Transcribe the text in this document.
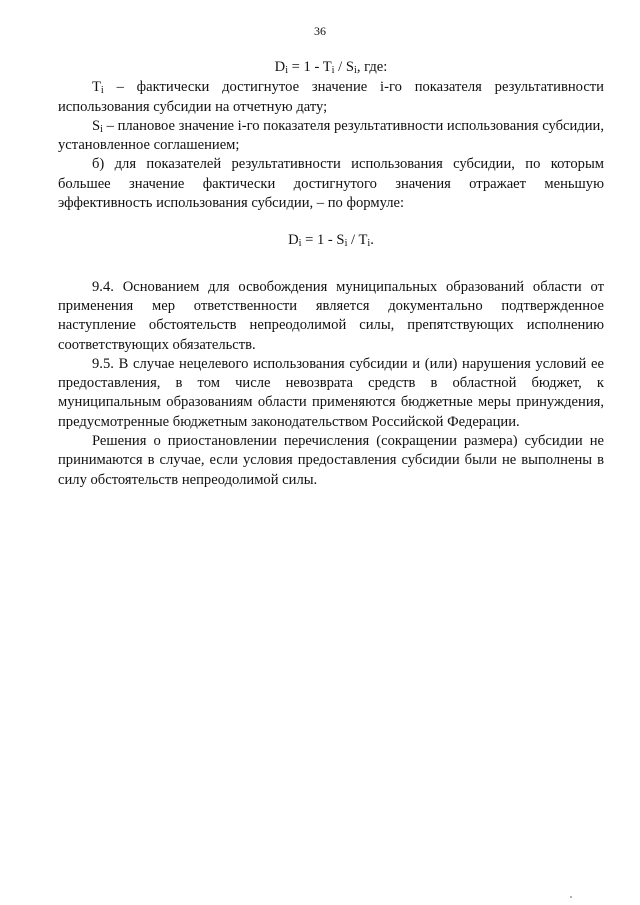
36

$D_i = 1 - T_i / S_i$, где:

$T_i$ – фактически достигнутое значение i-го показателя результативности использования субсидии на отчетную дату;

$S_i$ – плановое значение i-го показателя результативности использования субсидии, установленное соглашением;

б) для показателей результативности использования субсидии, по которым большее значение фактически достигнутого значения отражает меньшую эффективность использования субсидии, – по формуле:

$D_i = 1 - S_i / T_i$.

9.4. Основанием для освобождения муниципальных образований области от применения мер ответственности является документально подтвержденное наступление обстоятельств непреодолимой силы, препятствующих исполнению соответствующих обязательств.

9.5. В случае нецелевого использования субсидии и (или) нарушения условий ее предоставления, в том числе невозврата средств в областной бюджет, к муниципальным образованиям области применяются бюджетные меры принуждения, предусмотренные бюджетным законодательством Российской Федерации.

Решения о приостановлении перечисления (сокращении размера) субсидии не принимаются в случае, если условия предоставления субсидии были не выполнены в силу обстоятельств непреодолимой силы.
